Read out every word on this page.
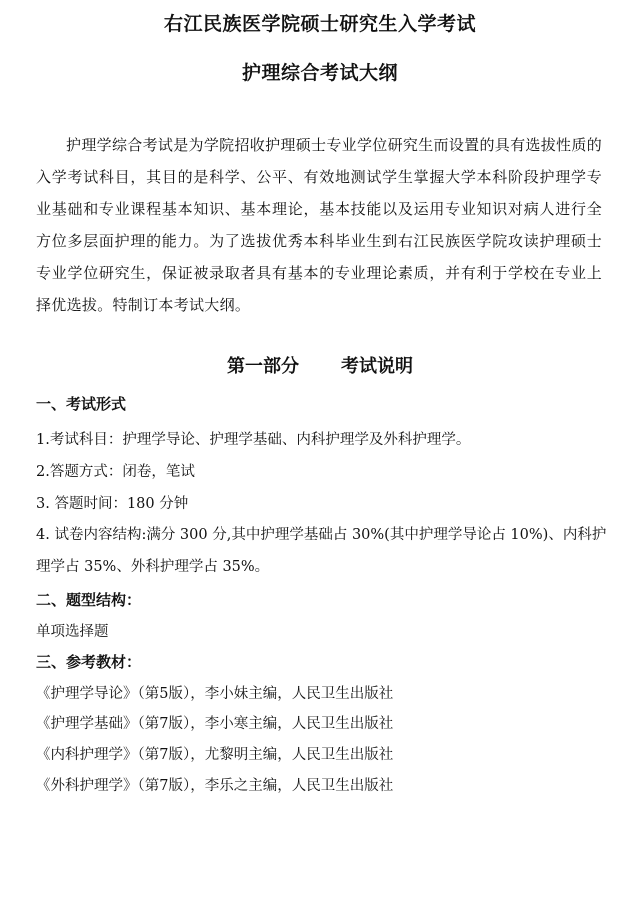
右江民族医学院硕士研究生入学考试
护理综合考试大纲

护理学综合考试是为学院招收护理硕士专业学位研究生而设置的具有选拔性质的入学考试科目，其目的是科学、公平、有效地测试学生掌握大学本科阶段护理学专业基础和专业课程基本知识、基本理论，基本技能以及运用专业知识对病人进行全方位多层面护理的能力。为了选拔优秀本科毕业生到右江民族医学院攻读护理硕士专业学位研究生，保证被录取者具有基本的专业理论素质，并有利于学校在专业上择优选拔。特制订本考试大纲。

第一部分 考试说明
一、考试形式
1.考试科目：护理学导论、护理学基础、内科护理学及外科护理学。
2.答题方式：闭卷，笔试
3. 答题时间：180 分钟

4. 试卷内容结构:满分 300 分,其中护理学基础占 30%(其中护理学导论占 10%)、内科护理学占 35%、外科护理学占 35%。

二、题型结构：
单项选择题
三、参考教材：
《护理学导论》（第5版），李小妹主编，人民卫生出版社
《护理学基础》（第7版），李小寒主编，人民卫生出版社
《内科护理学》（第7版），尤黎明主编，人民卫生出版社
《外科护理学》（第7版），李乐之主编，人民卫生出版社
